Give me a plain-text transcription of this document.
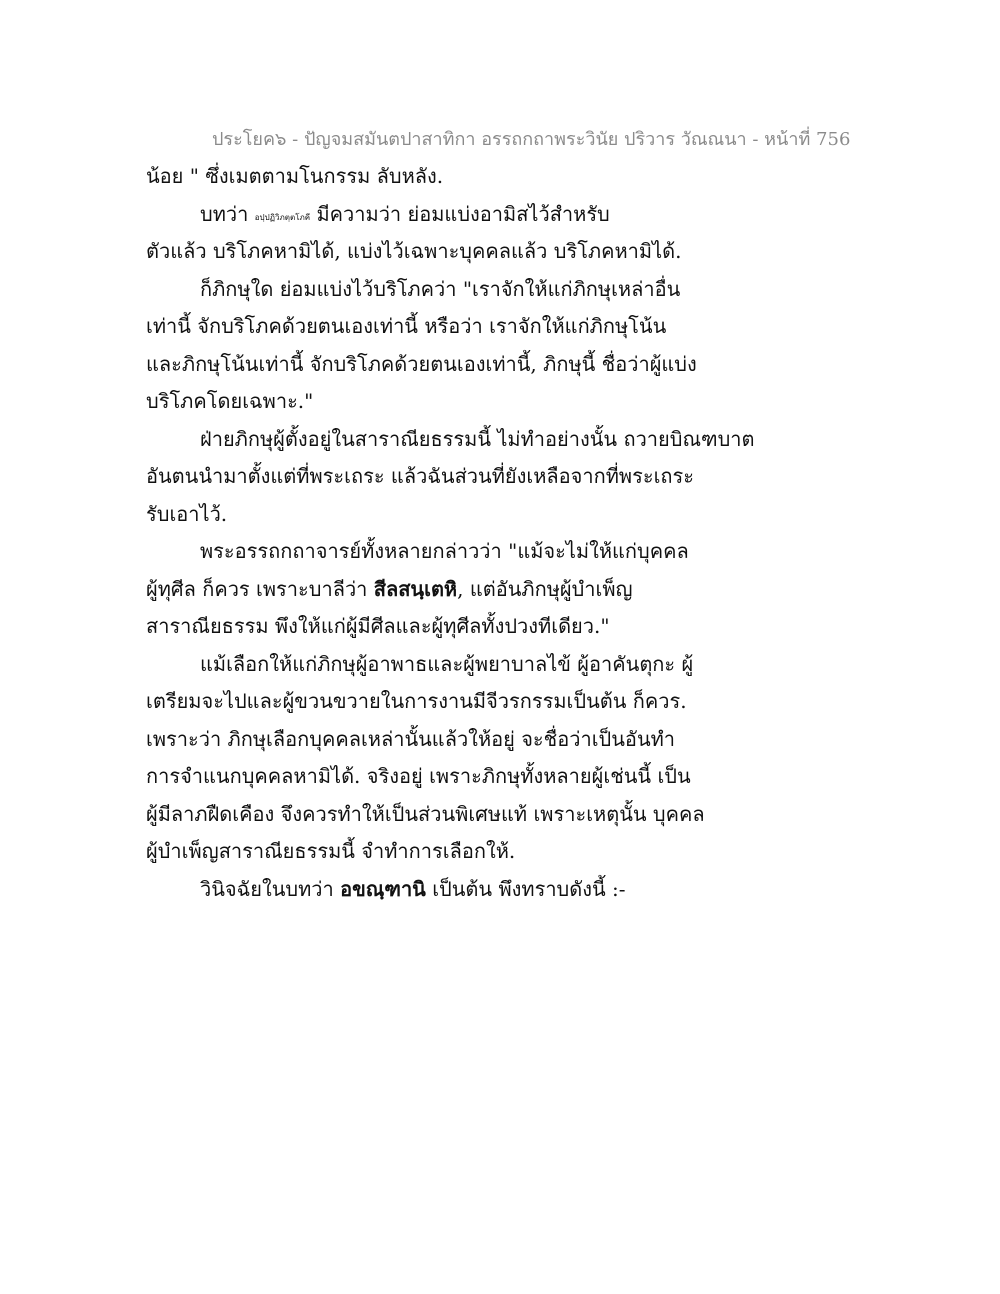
ประโยค๖ - ปัญจมสมันตปาสาทิกา อรรถกถาพระวินัย ปริวาร วัณณนา - หน้าที่ 756
น้อย " ซึ่งเมตตามโนกรรม ลับหลัง.
บทว่า อปฺปฏิวิภตฺตโภคี มีความว่า ย่อมแบ่งอามิสไว้สำหรับ
ตัวแล้ว บริโภคหามิได้, แบ่งไว้เฉพาะบุคคลแล้ว บริโภคหามิได้.
ก็ภิกษุใด ย่อมแบ่งไว้บริโภคว่า "เราจักให้แก่ภิกษุเหล่าอื่น
เท่านี้ จักบริโภคด้วยตนเองเท่านี้ หรือว่า เราจักให้แก่ภิกษุโน้น
และภิกษุโน้นเท่านี้ จักบริโภคด้วยตนเองเท่านี้, ภิกษุนี้ ชื่อว่าผู้แบ่ง
บริโภคโดยเฉพาะ."
ฝ่ายภิกษุผู้ตั้งอยู่ในสาราณียธรรมนี้ ไม่ทำอย่างนั้น ถวายบิณฑบาต
อันตนนำมาตั้งแต่ที่พระเถระ แล้วฉันส่วนที่ยังเหลือจากที่พระเถระ
รับเอาไว้.
พระอรรถกถาจารย์ทั้งหลายกล่าวว่า "แม้จะไม่ให้แก่บุคคล
ผู้ทุศีล ก็ควร เพราะบาลีว่า สีลสนฺเตหิ, แต่อันภิกษุผู้บำเพ็ญ
สาราณียธรรม พึงให้แก่ผู้มีศีลและผู้ทุศีลทั้งปวงทีเดียว."
แม้เลือกให้แก่ภิกษุผู้อาพาธและผู้พยาบาลไข้ ผู้อาคันตุกะ ผู้
เตรียมจะไปและผู้ขวนขวายในการงานมีจีวรกรรมเป็นต้น ก็ควร.
เพราะว่า ภิกษุเลือกบุคคลเหล่านั้นแล้วให้อยู่ จะชื่อว่าเป็นอันทำ
การจำแนกบุคคลหามิได้. จริงอยู่ เพราะภิกษุทั้งหลายผู้เช่นนี้ เป็น
ผู้มีลาภฝืดเคือง จึงควรทำให้เป็นส่วนพิเศษแท้ เพราะเหตุนั้น บุคคล
ผู้บำเพ็ญสาราณียธรรมนี้ จำทำการเลือกให้.
วินิจฉัยในบทว่า อขณฺฑานิ เป็นต้น พึงทราบดังนี้ :-
